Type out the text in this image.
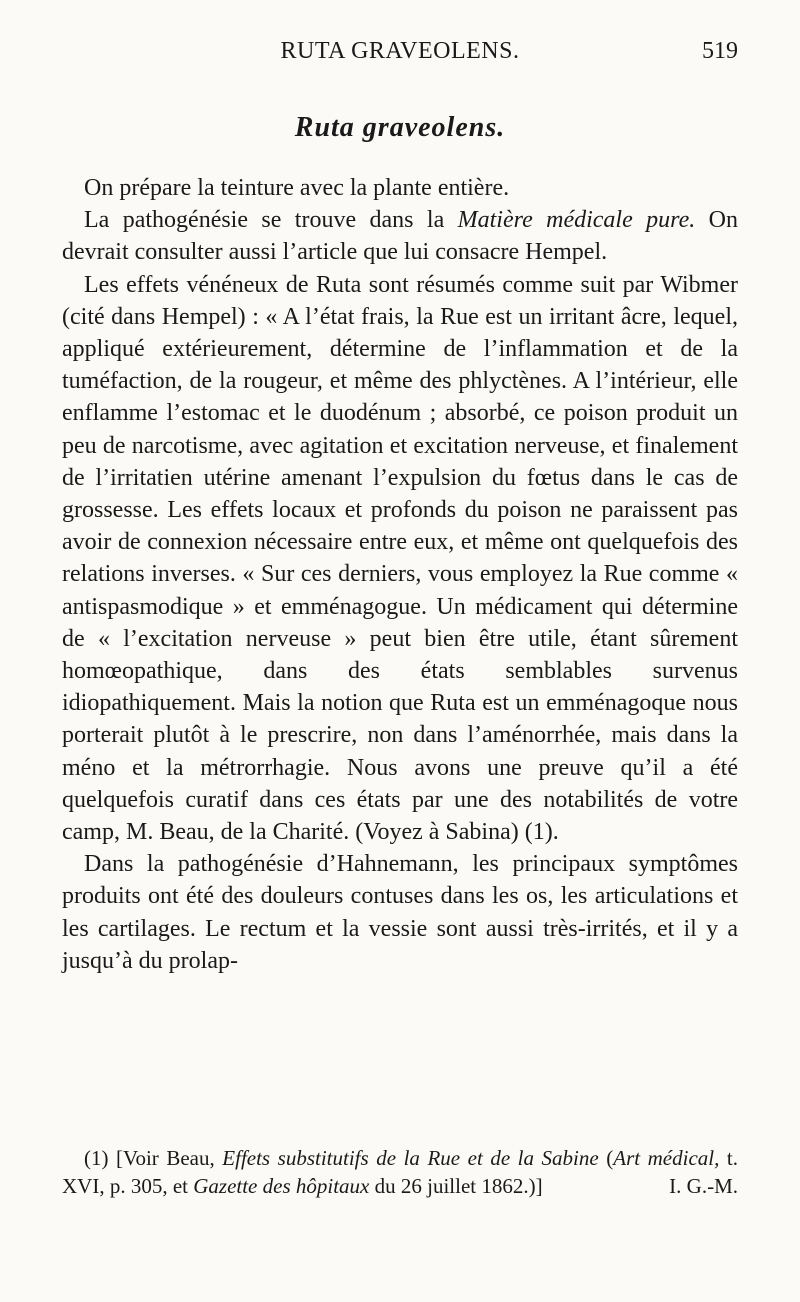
RUTA GRAVEOLENS.	519
Ruta graveolens.

On prépare la teinture avec la plante entière.

La pathogénésie se trouve dans la Matière médicale pure. On devrait consulter aussi l’article que lui consacre Hempel.

Les effets vénéneux de Ruta sont résumés comme suit par Wibmer (cité dans Hempel) : « A l’état frais, la Rue est un irritant âcre, lequel, appliqué extérieurement, détermine de l’inflammation et de la tuméfaction, de la rougeur, et même des phlyctènes. A l’intérieur, elle enflamme l’estomac et le duodénum ; absorbé, ce poison produit un peu de narcotisme, avec agitation et excitation nerveuse, et finalement de l’irritatien utérine amenant l’expulsion du fœtus dans le cas de grossesse. Les effets locaux et profonds du poison ne paraissent pas avoir de connexion nécessaire entre eux, et même ont quelquefois des relations inverses. « Sur ces derniers, vous employez la Rue comme « antispasmodique » et emménagogue. Un médicament qui détermine de « l’excitation nerveuse » peut bien être utile, étant sûrement homœopathique, dans des états semblables survenus idiopathiquement. Mais la notion que Ruta est un emménagoque nous porterait plutôt à le prescrire, non dans l’aménorrhée, mais dans la méno et la métrorrhagie. Nous avons une preuve qu’il a été quelquefois curatif dans ces états par une des notabilités de votre camp, M. Beau, de la Charité. (Voyez à Sabina) (1).

Dans la pathogénésie d’Hahnemann, les principaux symptômes produits ont été des douleurs contuses dans les os, les articulations et les cartilages. Le rectum et la vessie sont aussi très-irrités, et il y a jusqu’à du prolap-

(1) [Voir Beau, Effets substitutifs de la Rue et de la Sabine (Art médical, t. XVI, p. 305, et Gazette des hôpitaux du 26 juillet 1862.)]	I. G.-M.
